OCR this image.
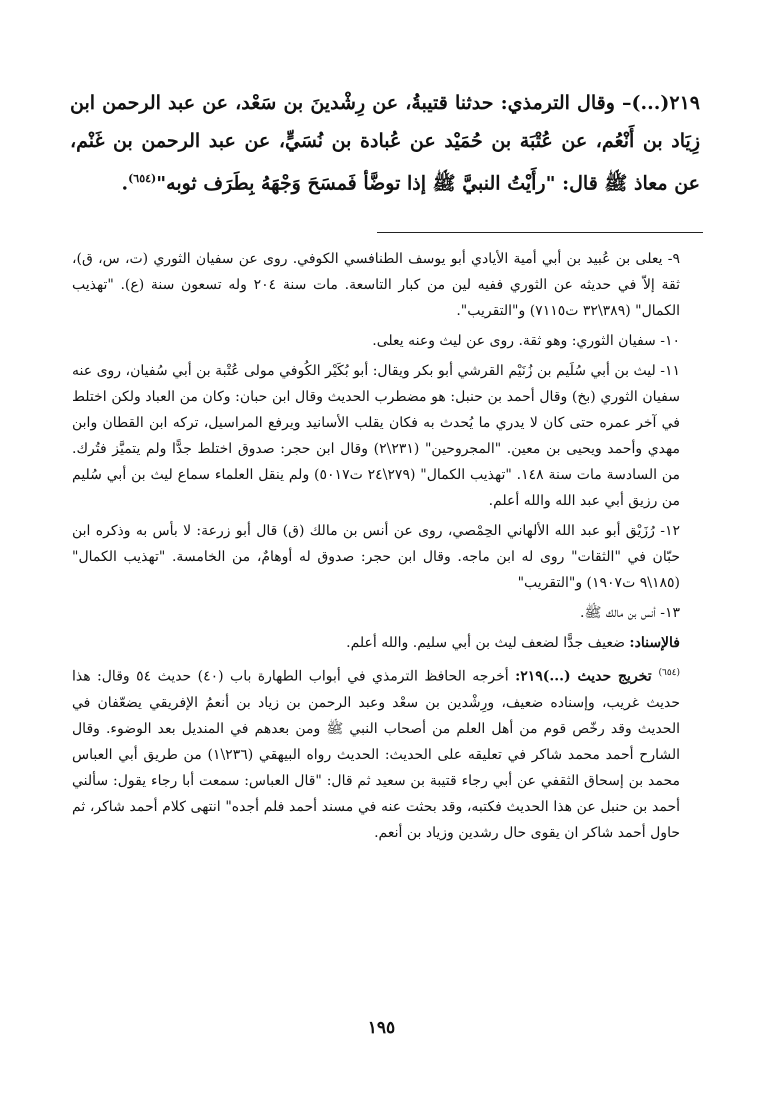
(...)٢١٩– وقال الترمذي: حدثنا قتيبةُ، عن رِشْدينَ بن سَعْد، عن عبد الرحمن ابن زِيَاد بن أَنْعُم، عن عُتْبَة بن حُمَيْد عن عُبادة بن نُسَيٍّ، عن عبد الرحمن بن غَنْم، عن معاذ ﷺ قال: "رأَيْتُ النبيَّ ﷺ إذا توضَّأ فَمسَحَ وَجْهَهُ بِطَرَف ثوبه"$^{(٦٥٤)}$.

٩- يعلى بن عُبيد بن أبي أمية الأيادي أبو يوسف الطنافسي الكوفي. روى عن سفيان الثوري (ت، س، ق)، ثقة إلاّ في حديثه عن الثوري ففيه لين من كبار التاسعة. مات سنة ٢٠٤ وله تسعون سنة (ع). "تهذيب الكمال" (٣٨٩\٣٢ ت٧١١٥) و"التقريب".

١٠- سفيان الثوري: وهو ثقة. روى عن ليث وعنه يعلى.

١١- ليث بن أبي سُلَيم بن زُنَيْم القرشي أبو بكر ويقال: أبو بُكَيْر الكُوفي مولى عُتْبة بن أبي سُفيان، روى عنه سفيان الثوري (بخ) وقال أحمد بن حنبل: هو مضطرب الحديث وقال ابن حبان: وكان من العباد ولكن اختلط في آخر عمره حتى كان لا يدري ما يُحدث به فكان يقلب الأسانيد ويرفع المراسيل، تركه ابن القطان وابن مهدي وأحمد ويحيى بن معين. "المجروحين" (٢٣١\٢) وقال ابن حجر: صدوق اختلط جدًّا ولم يتميَّز فتُرك. من السادسة مات سنة ١٤٨. "تهذيب الكمال" (٢٧٩\٢٤ ت٥٠١٧) ولم ينقل العلماء سماع ليث بن أبي سُليم من رزيق أبي عبد الله والله أعلم.

١٢- رُزَيْق أبو عبد الله الألهاني الحِمْصي، روى عن أنس بن مالك (ق) قال أبو زرعة: لا بأس به وذكره ابن حبّان في "الثقات" روى له ابن ماجه. وقال ابن حجر: صدوق له أوهامٌ، من الخامسة. "تهذيب الكمال" (١٨٥\٩ ت١٩٠٧) و"التقريب"

١٣- أنس بن مالك ﷺ.

فالإسناد: ضعيف جدًّا لضعف ليث بن أبي سليم. والله أعلم.

$^{(٦٥٤)}$ تخريج حديث (...)٢١٩: أخرجه الحافظ الترمذي في أبواب الطهارة باب (٤٠) حديث ٥٤ وقال: هذا حديث غريب، وإسناده ضعيف، ورِشْدين بن سعْد وعبد الرحمن بن زياد بن أنعمُ الإفريقي يضعّفان في الحديث وقد رخّص قوم من أهل العلم من أصحاب النبي ﷺ ومن بعدهم في المنديل بعد الوضوء. وقال الشارح أحمد محمد شاكر في تعليقه على الحديث: الحديث رواه البيهقي (٢٣٦\١) من طريق أبي العباس محمد بن إسحاق الثقفي عن أبي رجاء قتيبة بن سعيد ثم قال: "قال العباس: سمعت أبا رجاء يقول: سألني أحمد بن حنبل عن هذا الحديث فكتبه، وقد بحثت عنه في مسند أحمد فلم أجده" انتهى كلام أحمد شاكر، ثم حاول أحمد شاكر ان يقوى حال رشدين وزياد بن أنعم.

١٩٥
